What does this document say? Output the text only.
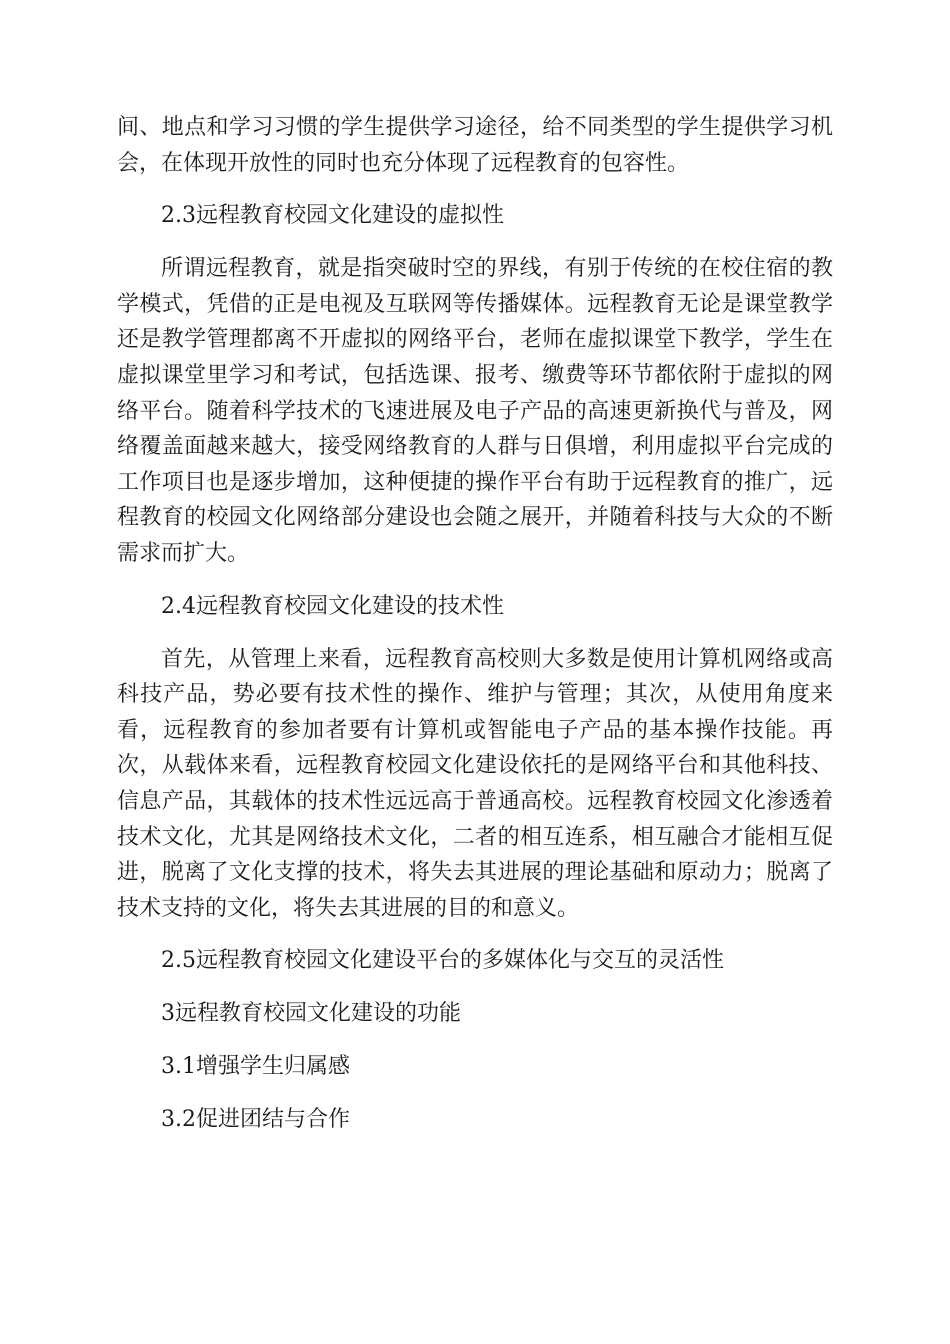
间、地点和学习习惯的学生提供学习途径，给不同类型的学生提供学习机会，在体现开放性的同时也充分体现了远程教育的包容性。

2.3远程教育校园文化建设的虚拟性

所谓远程教育，就是指突破时空的界线，有别于传统的在校住宿的教学模式，凭借的正是电视及互联网等传播媒体。远程教育无论是课堂教学还是教学管理都离不开虚拟的网络平台，老师在虚拟课堂下教学，学生在虚拟课堂里学习和考试，包括选课、报考、缴费等环节都依附于虚拟的网络平台。随着科学技术的飞速进展及电子产品的高速更新换代与普及，网络覆盖面越来越大，接受网络教育的人群与日俱增，利用虚拟平台完成的工作项目也是逐步增加，这种便捷的操作平台有助于远程教育的推广，远程教育的校园文化网络部分建设也会随之展开，并随着科技与大众的不断需求而扩大。

2.4远程教育校园文化建设的技术性

首先，从管理上来看，远程教育高校则大多数是使用计算机网络或高科技产品，势必要有技术性的操作、维护与管理；其次，从使用角度来看，远程教育的参加者要有计算机或智能电子产品的基本操作技能。再次，从载体来看，远程教育校园文化建设依托的是网络平台和其他科技、信息产品，其载体的技术性远远高于普通高校。远程教育校园文化渗透着技术文化，尤其是网络技术文化，二者的相互连系，相互融合才能相互促进，脱离了文化支撑的技术，将失去其进展的理论基础和原动力；脱离了技术支持的文化，将失去其进展的目的和意义。

2.5远程教育校园文化建设平台的多媒体化与交互的灵活性

3远程教育校园文化建设的功能

3.1增强学生归属感

3.2促进团结与合作
